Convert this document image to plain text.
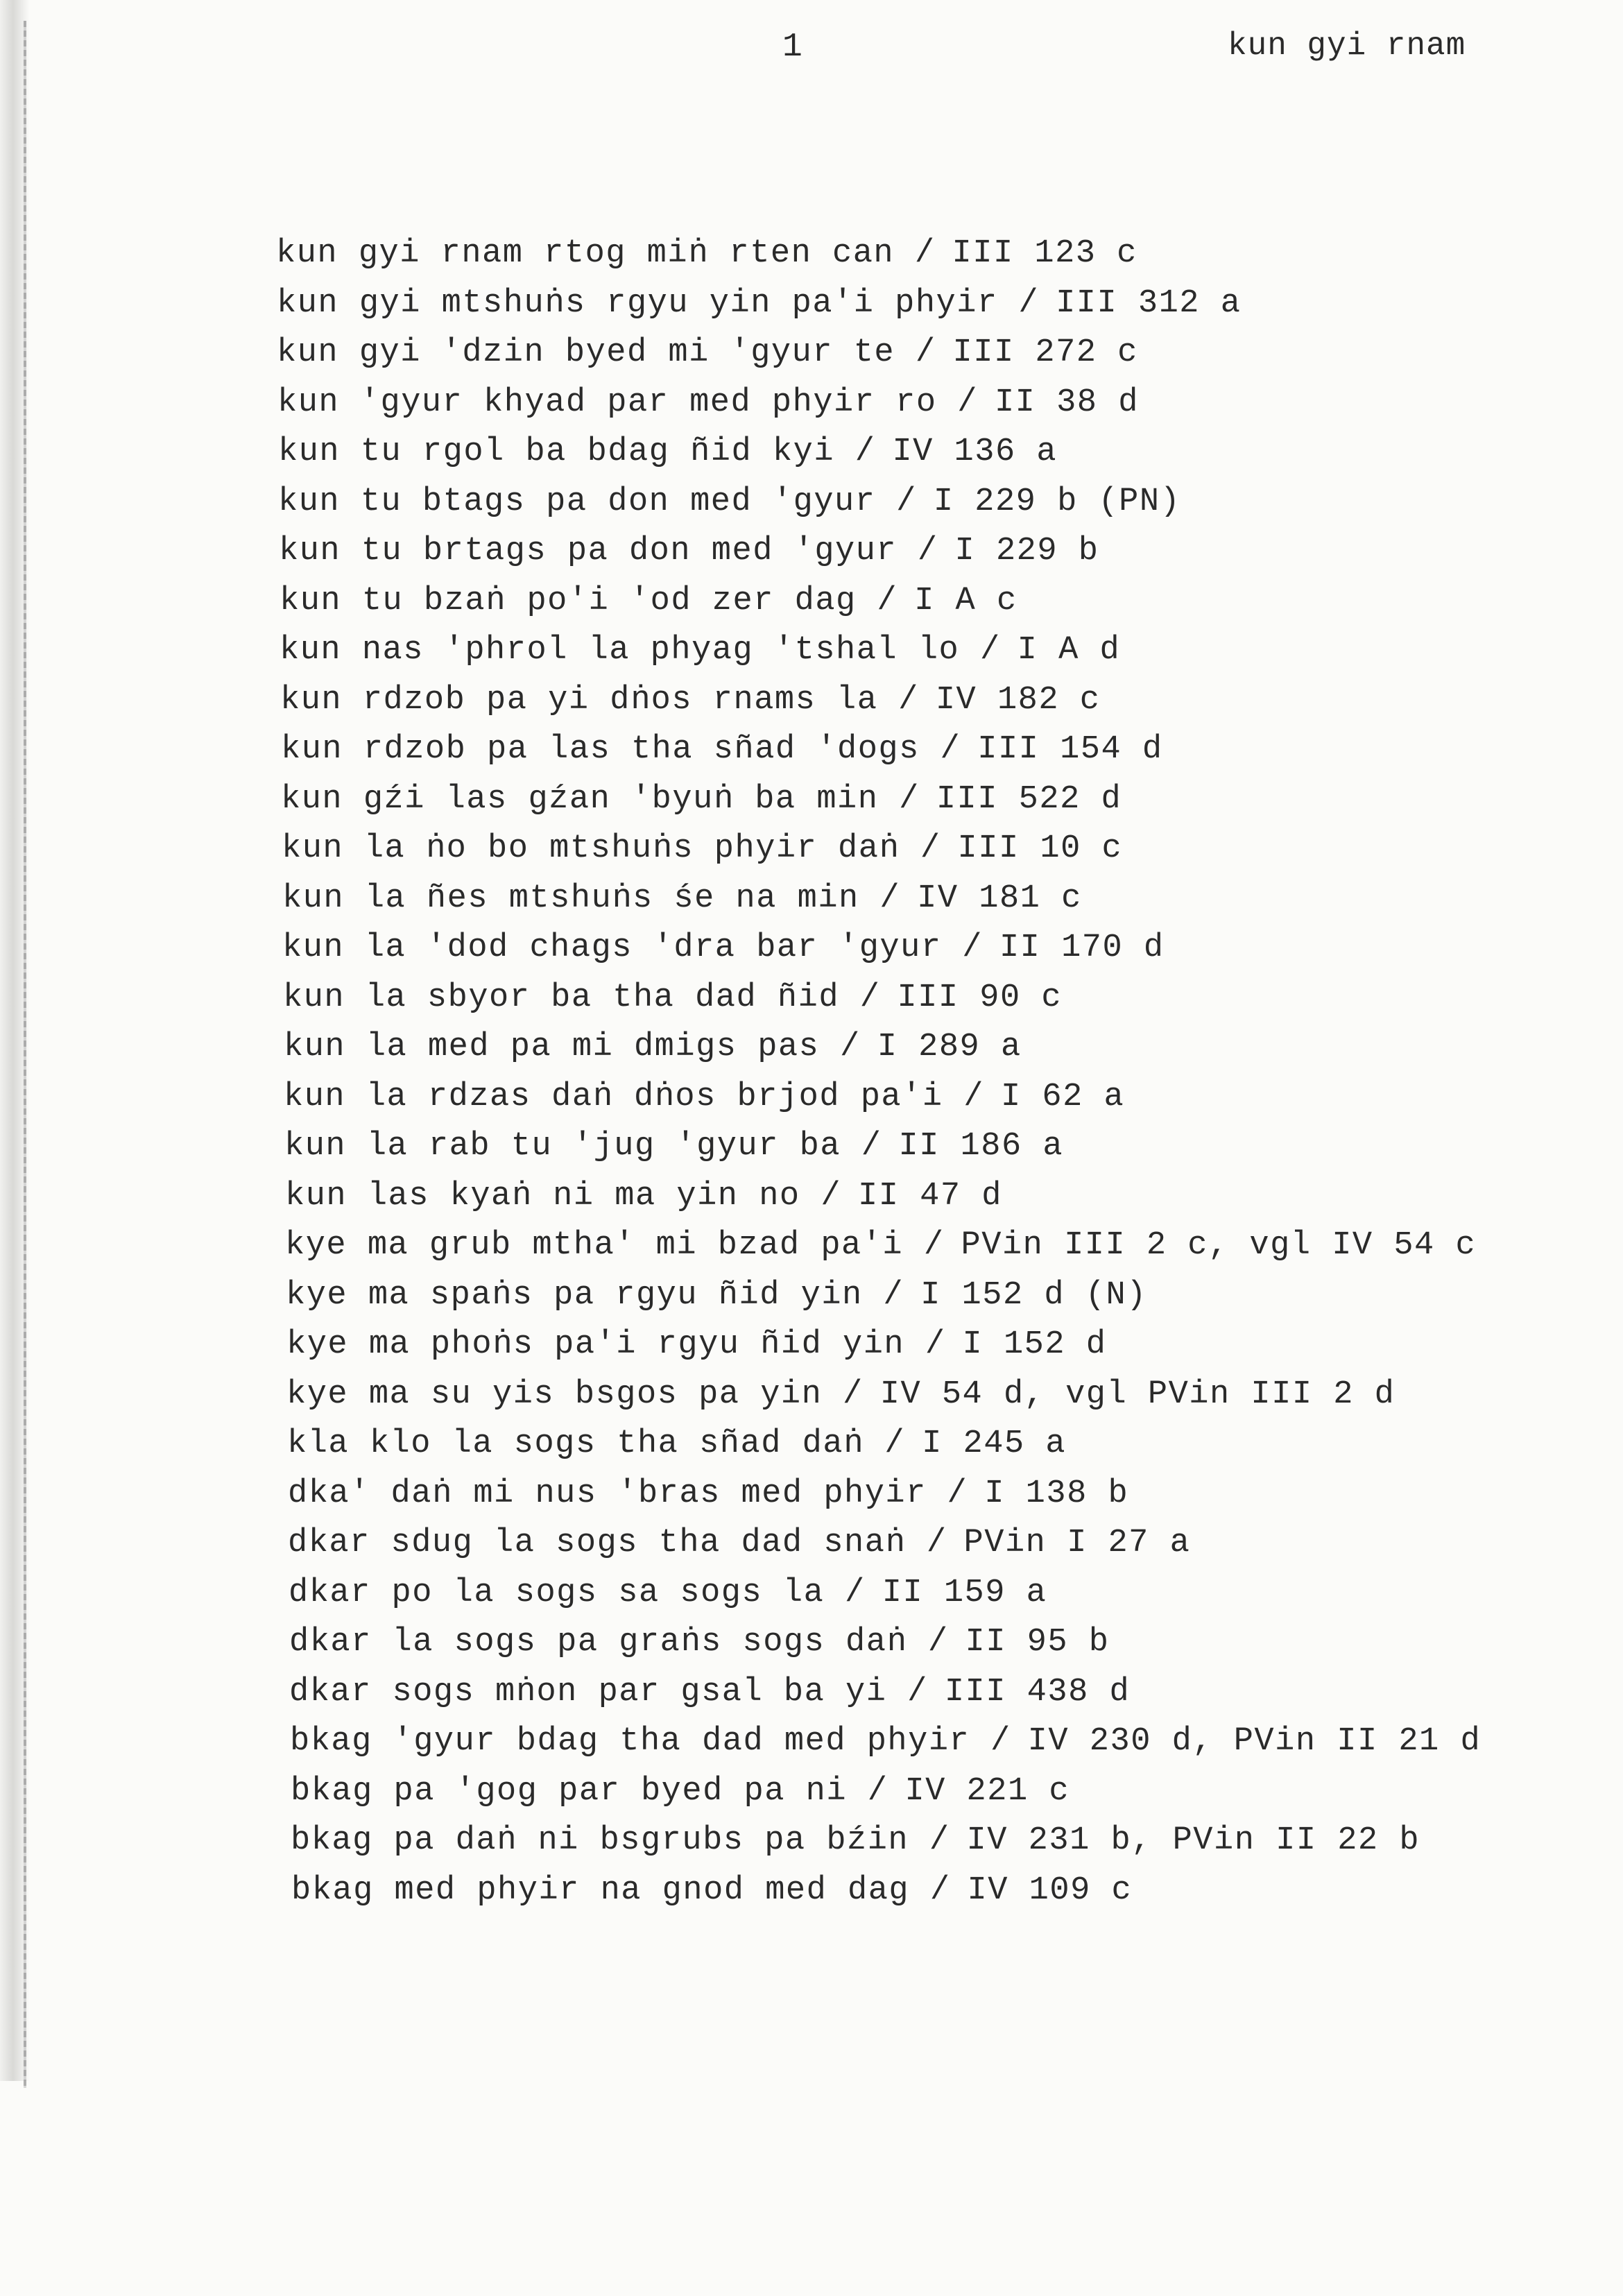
1	kun gyi rnam
kun gyi rnam rtog miṅ rten can / III 123 c
kun gyi mtshuṅs rgyu yin pa'i phyir / III 312 a
kun gyi 'dzin byed mi 'gyur te / III 272 c
kun 'gyur khyad par med phyir ro / II 38 d
kun tu rgol ba bdag ñid kyi / IV 136 a
kun tu btags pa don med 'gyur / I 229 b (PN)
kun tu brtags pa don med 'gyur / I 229 b
kun tu bzaṅ po'i 'od zer dag / I A c
kun nas 'phrol la phyag 'tshal lo / I A d
kun rdzob pa yi dṅos rnams la / IV 182 c
kun rdzob pa las tha sñad 'dogs / III 154 d
kun gźi las gźan 'byuṅ ba min / III 522 d
kun la ṅo bo mtshuṅs phyir daṅ / III 10 c
kun la ñes mtshuṅs śe na min / IV 181 c
kun la 'dod chags 'dra bar 'gyur / II 170 d
kun la sbyor ba tha dad ñid / III 90 c
kun la med pa mi dmigs pas / I 289 a
kun la rdzas daṅ dṅos brjod pa'i / I 62 a
kun la rab tu 'jug 'gyur ba / II 186 a
kun las kyaṅ ni ma yin no / II 47 d
kye ma grub mtha' mi bzad pa'i / PVin III 2 c, vgl IV 54 c
kye ma spaṅs pa rgyu ñid yin / I 152 d (N)
kye ma phoṅs pa'i rgyu ñid yin / I 152 d
kye ma su yis bsgos pa yin / IV 54 d, vgl PVin III 2 d
kla klo la sogs tha sñad daṅ / I 245 a
dka' daṅ mi nus 'bras med phyir / I 138 b
dkar sdug la sogs tha dad snaṅ / PVin I 27 a
dkar po la sogs sa sogs la / II 159 a
dkar la sogs pa graṅs sogs daṅ / II 95 b
dkar sogs mṅon par gsal ba yi / III 438 d
bkag 'gyur bdag tha dad med phyir / IV 230 d, PVin II 21 d
bkag pa 'gog par byed pa ni / IV 221 c
bkag pa daṅ ni bsgrubs pa bźin / IV 231 b, PVin II 22 b
bkag med phyir na gnod med dag / IV 109 c
